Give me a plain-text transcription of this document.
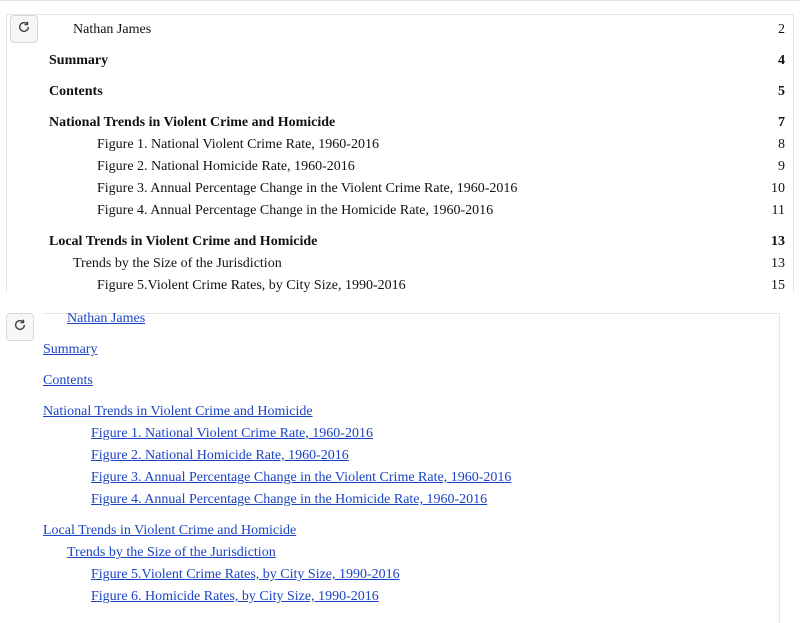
Nathan James	2
Summary	4
Contents	5
National Trends in Violent Crime and Homicide	7
Figure 1. National Violent Crime Rate, 1960-2016	8
Figure 2. National Homicide Rate, 1960-2016	9
Figure 3. Annual Percentage Change in the Violent Crime Rate, 1960-2016	10
Figure 4. Annual Percentage Change in the Homicide Rate, 1960-2016	11
Local Trends in Violent Crime and Homicide	13
Trends by the Size of the Jurisdiction	13
Figure 5.Violent Crime Rates, by City Size, 1990-2016	15
Nathan James
Summary
Contents
National Trends in Violent Crime and Homicide
Figure 1. National Violent Crime Rate, 1960-2016
Figure 2. National Homicide Rate, 1960-2016
Figure 3. Annual Percentage Change in the Violent Crime Rate, 1960-2016
Figure 4. Annual Percentage Change in the Homicide Rate, 1960-2016
Local Trends in Violent Crime and Homicide
Trends by the Size of the Jurisdiction
Figure 5.Violent Crime Rates, by City Size, 1990-2016
Figure 6. Homicide Rates, by City Size, 1990-2016
